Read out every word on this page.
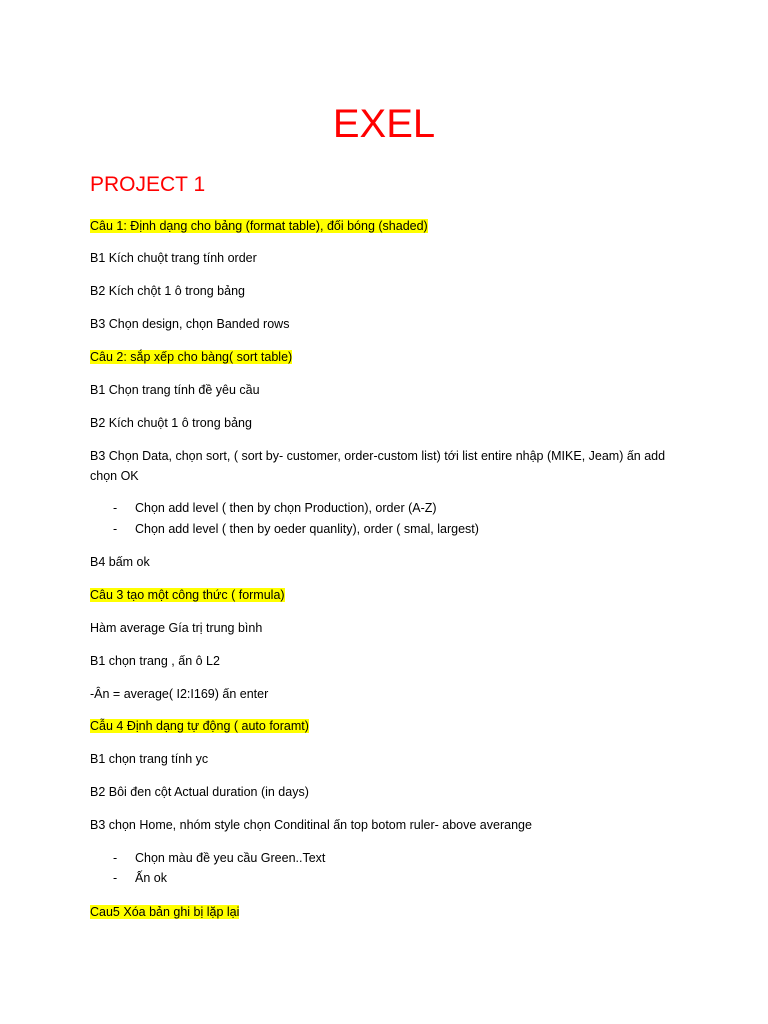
EXEL
PROJECT 1
Câu 1: Định dạng cho bảng (format table), đối bóng (shaded)
B1 Kích chuột trang tính order
B2 Kích chột 1 ô trong bảng
B3 Chọn design, chọn Banded rows
Câu 2: sắp xếp cho bàng( sort table)
B1 Chọn trang tính đề yêu cầu
B2 Kích chuột 1 ô trong bảng
B3 Chọn Data, chọn sort, ( sort by- customer, order-custom list) tới list entire nhập (MIKE, Jeam) ấn add
chọn OK
- Chọn add level ( then by chọn Production), order (A-Z)
- Chọn add level ( then by oeder quanlity), order ( smal, largest)
B4 bấm ok
Câu 3 tạo một công thức ( formula)
Hàm average Gía trị trung bình
B1 chọn trang , ấn ô L2
-Ân = average( I2:I169) ấn enter
Cẫu 4 Định dạng tự động ( auto foramt)
B1 chọn trang tính yc
B2 Bôi đen cột Actual duration (in days)
B3 chọn Home, nhóm style chọn Conditinal ấn top botom ruler- above averange
- Chọn màu đề yeu cầu Green..Text
- Ấn ok
Cau5 Xóa bản ghi bị lặp lại
